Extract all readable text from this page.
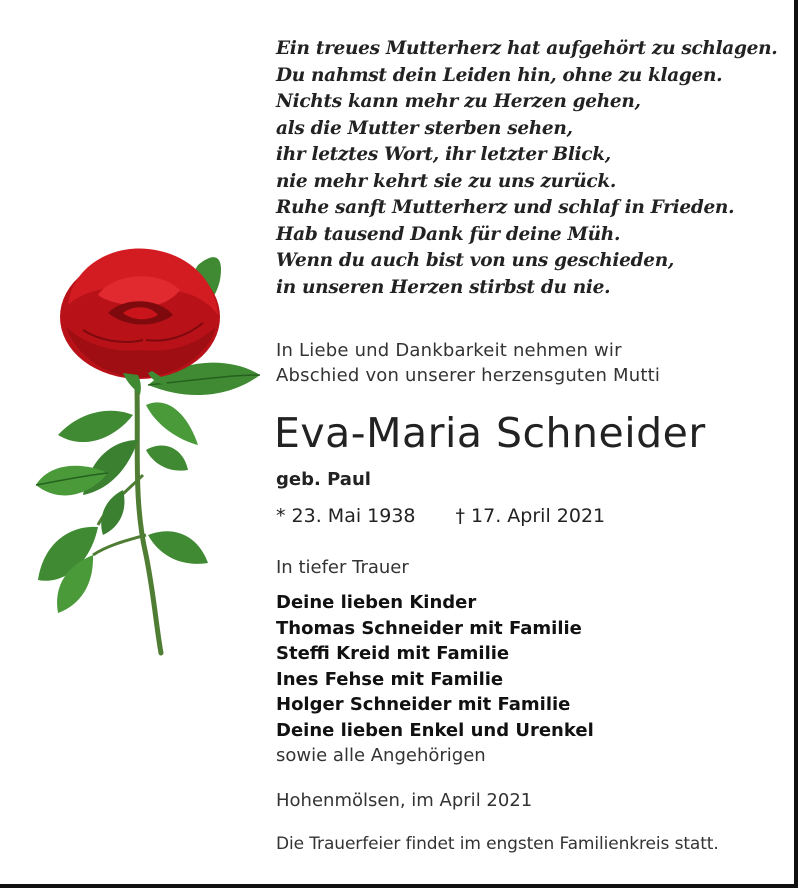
Ein treues Mutterherz hat aufgehört zu schlagen.
Du nahmst dein Leiden hin, ohne zu klagen.
Nichts kann mehr zu Herzen gehen,
als die Mutter sterben sehen,
ihr letztes Wort, ihr letzter Blick,
nie mehr kehrt sie zu uns zurück.
Ruhe sanft Mutterherz und schlaf in Frieden.
Hab tausend Dank für deine Müh.
Wenn du auch bist von uns geschieden,
in unseren Herzen stirbst du nie.
In Liebe und Dankbarkeit nehmen wir
Abschied von unserer herzensguten Mutti
Eva-Maria Schneider
geb. Paul
* 23. Mai 1938 † 17. April 2021
In tiefer Trauer
Deine lieben Kinder
Thomas Schneider mit Familie
Steffi Kreid mit Familie
Ines Fehse mit Familie
Holger Schneider mit Familie
Deine lieben Enkel und Urenkel
sowie alle Angehörigen
Hohenmölsen, im April 2021
Die Trauerfeier findet im engsten Familienkreis statt.
